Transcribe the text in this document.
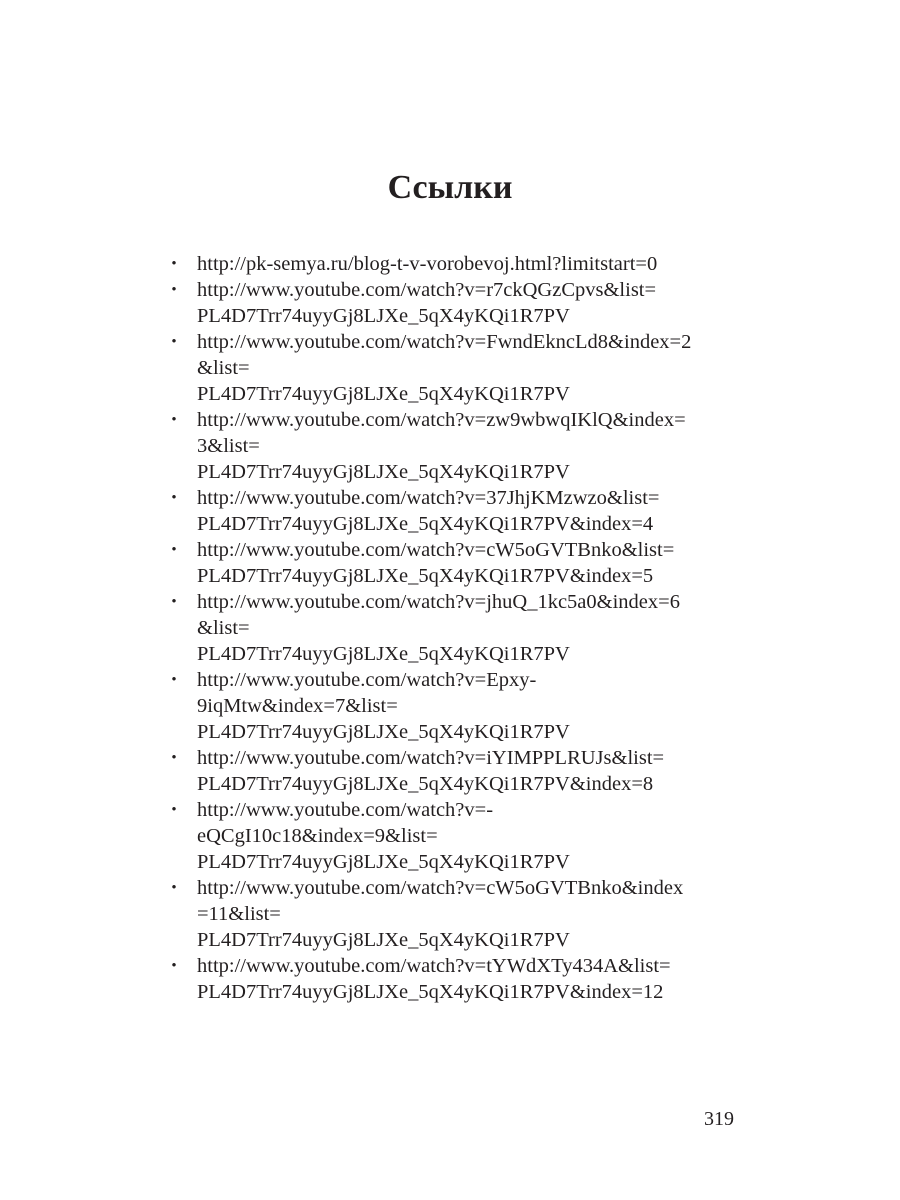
Ссылки
• http://pk-semya.ru/blog-t-v-vorobevoj.html?limitstart=0
• http://www.youtube.com/watch?v=r7ckQGzCpvs&list=
PL4D7Trr74uyyGj8LJXe_5qX4yKQi1R7PV
• http://www.youtube.com/watch?v=FwndEkncLd8&index=2
&list=
PL4D7Trr74uyyGj8LJXe_5qX4yKQi1R7PV
• http://www.youtube.com/watch?v=zw9wbwqIKlQ&index=
3&list=
PL4D7Trr74uyyGj8LJXe_5qX4yKQi1R7PV
• http://www.youtube.com/watch?v=37JhjKMzwzo&list=
PL4D7Trr74uyyGj8LJXe_5qX4yKQi1R7PV&index=4
• http://www.youtube.com/watch?v=cW5oGVTBnko&list=
PL4D7Trr74uyyGj8LJXe_5qX4yKQi1R7PV&index=5
• http://www.youtube.com/watch?v=jhuQ_1kc5a0&index=6
&list=
PL4D7Trr74uyyGj8LJXe_5qX4yKQi1R7PV
• http://www.youtube.com/watch?v=Epxy-
9iqMtw&index=7&list=
PL4D7Trr74uyyGj8LJXe_5qX4yKQi1R7PV
• http://www.youtube.com/watch?v=iYIMPPLRUJs&list=
PL4D7Trr74uyyGj8LJXe_5qX4yKQi1R7PV&index=8
• http://www.youtube.com/watch?v=-
eQCgI10c18&index=9&list=
PL4D7Trr74uyyGj8LJXe_5qX4yKQi1R7PV
• http://www.youtube.com/watch?v=cW5oGVTBnko&index
=11&list=
PL4D7Trr74uyyGj8LJXe_5qX4yKQi1R7PV
• http://www.youtube.com/watch?v=tYWdXTy434A&list=
PL4D7Trr74uyyGj8LJXe_5qX4yKQi1R7PV&index=12
319
